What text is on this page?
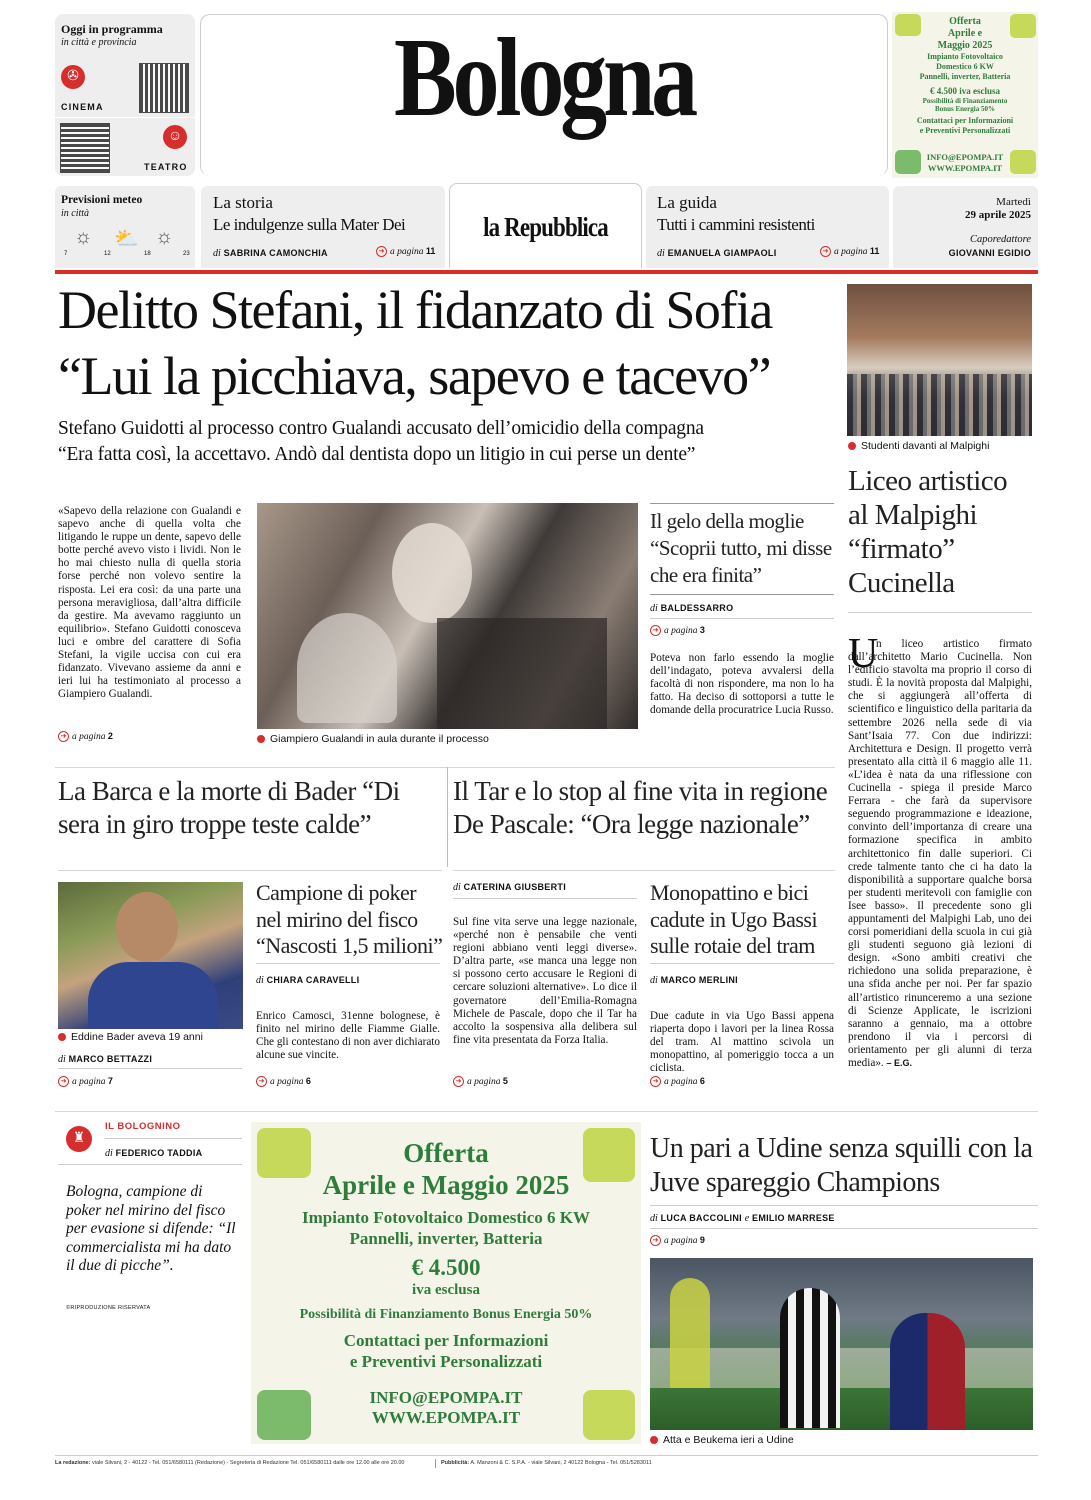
Oggi in programma
in città e provincia
✇
CINEMA
☺
TEATRO
Bologna	Offerta
Aprile e
Maggio 2025
Impianto Fotovoltaico
Domestico 6 KW
Pannelli, inverter, Batteria
€ 4.500 iva esclusa
Possibilità di Finanziamento
Bonus Energia 50%
Contattaci per Informazioni
e Preventivi Personalizzati
INFO@EPOMPA.IT
WWW.EPOMPA.IT
Previsioni meteo
in città
☼ ⛅ ☼
7	12	18	23
La storia
Le indulgenze sulla Mater Dei
di SABRINA CAMONCHIA	➜ a pagina 11
la Repubblica
La guida
Tutti i cammini resistenti
di EMANUELA GIAMPAOLI	➜ a pagina 11
Martedì
29 aprile 2025
Caporedattore
GIOVANNI EGIDIO
Delitto Stefani, il fidanzato di Sofia
“Lui la picchiava, sapevo e tacevo”
Stefano Guidotti al processo contro Gualandi accusato dell’omicidio della compagna
“Era fatta così, la accettavo. Andò dal dentista dopo un litigio in cui perse un dente”
«Sapevo della relazione con Gualandi e sapevo anche di quella volta che litigando le ruppe un dente, sapevo delle botte perché avevo visto i lividi. Non le ho mai chiesto nulla di quella storia forse perché non volevo sentire la risposta. Lei era così: da una parte una persona meravigliosa, dall’altra difficile da gestire. Ma avevamo raggiunto un equilibrio». Stefano Guidotti conosceva luci e ombre del carattere di Sofia Stefani, la vigile uccisa con cui era fidanzato. Vivevano assieme da anni e ieri lui ha testimoniato al processo a Giampiero Gualandi.
➜ a pagina 2	Giampiero Gualandi in aula durante il processo
Il gelo della moglie “Scoprii tutto, mi disse che era finita”
di BALDESSARRO
➜ a pagina 3
Poteva non farlo essendo la moglie dell’indagato, poteva avvalersi della facoltà di non rispondere, ma non lo ha fatto. Ha deciso di sottoporsi a tutte le domande della procuratrice Lucia Russo.
Studenti davanti al Malpighi
Liceo artistico al Malpighi “firmato” Cucinella
U
n liceo artistico firmato dall’architetto Mario Cucinella. Non l’edificio stavolta ma proprio il corso di studi. È la novità proposta dal Malpighi, che si aggiungerà all’offerta di scientifico e linguistico della paritaria da settembre 2026 nella sede di via Sant’Isaia 77. Con due indirizzi: Architettura e Design. Il progetto verrà presentato alla città il 6 maggio alle 11. «L’idea è nata da una riflessione con Cucinella - spiega il preside Marco Ferrara - che farà da supervisore seguendo programmazione e ideazione, convinto dell’importanza di creare una formazione specifica in ambito architettonico fin dalle superiori. Ci crede talmente tanto che ci ha dato la disponibilità a supportare qualche borsa per studenti meritevoli con famiglie con Isee basso». Il precedente sono gli appuntamenti del Malpighi Lab, uno dei corsi pomeridiani della scuola in cui già gli studenti seguono già lezioni di design. «Sono ambiti creativi che richiedono una solida preparazione, è una sfida anche per noi. Per far spazio all’artistico rinunceremo a una sezione di Scienze Applicate, le iscrizioni saranno a gennaio, ma a ottobre prendono il via i percorsi di orientamento per gli alunni di terza media». – E.G.
La Barca e la morte di Bader “Di sera in giro troppe teste calde”
Il Tar e lo stop al fine vita in regione De Pascale: “Ora legge nazionale”
Eddine Bader aveva 19 anni
di MARCO BETTAZZI
➜ a pagina 7
Campione di poker nel mirino del fisco “Nascosti 1,5 milioni”
di CHIARA CARAVELLI
Enrico Camosci, 31enne bolognese, è finito nel mirino delle Fiamme Gialle. Che gli contestano di non aver dichiarato alcune sue vincite.
➜ a pagina 6
di CATERINA GIUSBERTI
Sul fine vita serve una legge nazionale, «perché non è pensabile che venti regioni abbiano venti leggi diverse». D’altra parte, «se manca una legge non si possono certo accusare le Regioni di cercare soluzioni alternative». Lo dice il governatore dell’Emilia-Romagna Michele de Pascale, dopo che il Tar ha accolto la sospensiva alla delibera sul fine vita presentata da Forza Italia.
➜ a pagina 5
Monopattino e bici cadute in Ugo Bassi sulle rotaie del tram
di MARCO MERLINI
Due cadute in via Ugo Bassi appena riaperta dopo i lavori per la linea Rossa del tram. Al mattino scivola un monopattino, al pomeriggio tocca a un ciclista.
➜ a pagina 6
♜
IL BOLOGNINO
di FEDERICO TADDIA
Bologna, campione di poker nel mirino del fisco per evasione si difende: “Il commercialista mi ha dato il due di picche”.
©RIPRODUZIONE RISERVATA
Offerta
Aprile e Maggio 2025
Impianto Fotovoltaico Domestico 6 KW
Pannelli, inverter, Batteria
€ 4.500
iva esclusa
Possibilità di Finanziamento Bonus Energia 50%
Contattaci per Informazioni
e Preventivi Personalizzati
INFO@EPOMPA.IT
WWW.EPOMPA.IT
Un pari a Udine senza squilli con la Juve spareggio Champions
di LUCA BACCOLINI e EMILIO MARRESE
➜ a pagina 9
Atta e Beukema ieri a Udine
La redazione: viale Silvani, 2 - 40122 - Tel. 051/6580111 (Redazione) - Segreteria di Redazione Tel. 051/6580111 dalle ore 12.00 alle ore 20.00	Pubblicità: A. Manzoni & C. S.P.A. - viale Silvani, 2 40122 Bologna - Tel. 051/5283011
